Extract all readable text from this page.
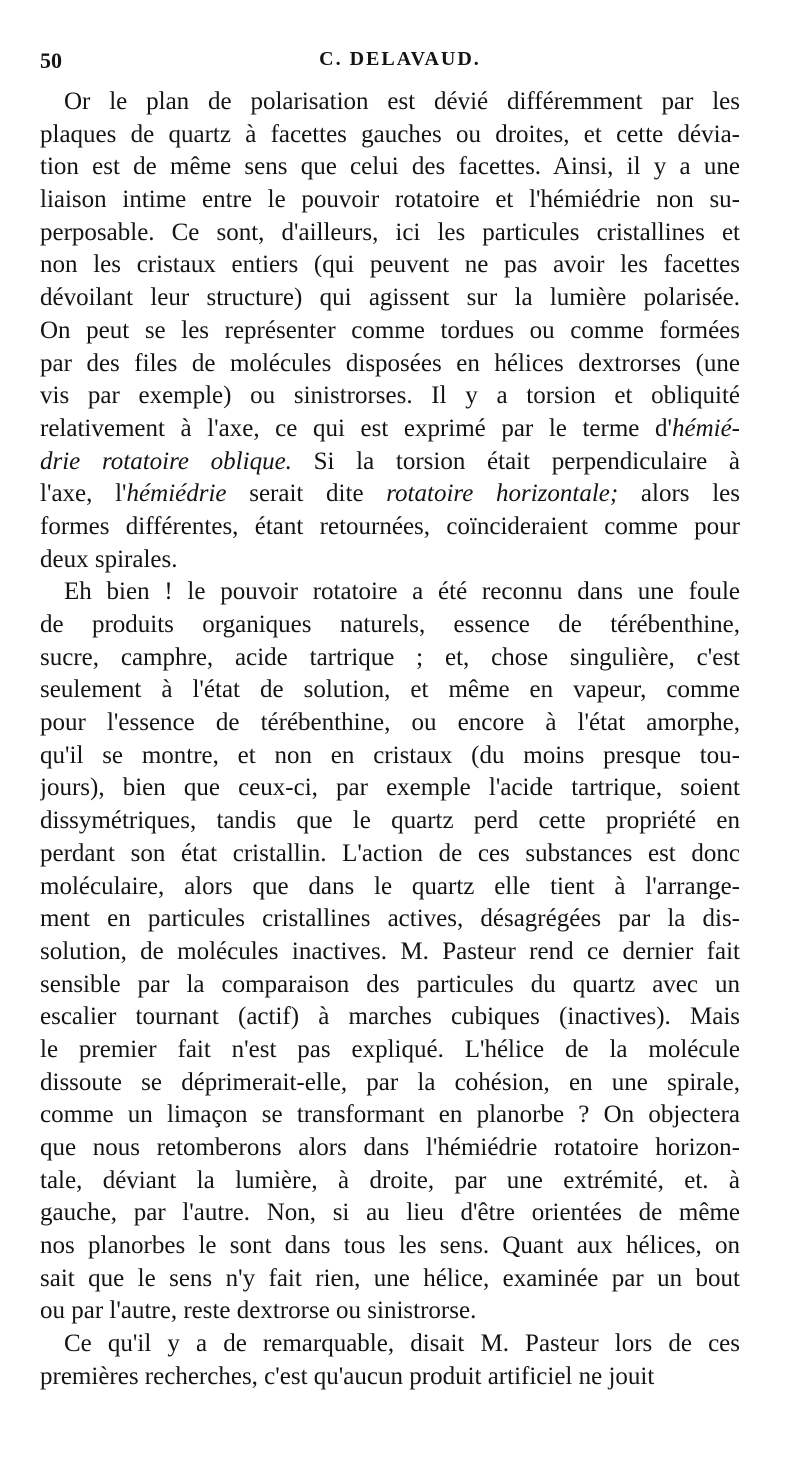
50	C. DELAVAUD.
Or le plan de polarisation est dévié différemment par les
plaques de quartz à facettes gauches ou droites, et cette dévia-
tion est de même sens que celui des facettes. Ainsi, il y a une
liaison intime entre le pouvoir rotatoire et l'hémiédrie non su-
perposable. Ce sont, d'ailleurs, ici les particules cristallines et
non les cristaux entiers (qui peuvent ne pas avoir les facettes
dévoilant leur structure) qui agissent sur la lumière polarisée.
On peut se les représenter comme tordues ou comme formées
par des files de molécules disposées en hélices dextrorses (une
vis par exemple) ou sinistrorses. Il y a torsion et obliquité
relativement à l'axe, ce qui est exprimé par le terme d'hémié-
drie rotatoire oblique. Si la torsion était perpendiculaire à
l'axe, l'hémiédrie serait dite rotatoire horizontale; alors les
formes différentes, étant retournées, coïncideraient comme pour
deux spirales.
Eh bien ! le pouvoir rotatoire a été reconnu dans une foule
de produits organiques naturels, essence de térébenthine,
sucre, camphre, acide tartrique ; et, chose singulière, c'est
seulement à l'état de solution, et même en vapeur, comme
pour l'essence de térébenthine, ou encore à l'état amorphe,
qu'il se montre, et non en cristaux (du moins presque tou-
jours), bien que ceux-ci, par exemple l'acide tartrique, soient
dissymétriques, tandis que le quartz perd cette propriété en
perdant son état cristallin. L'action de ces substances est donc
moléculaire, alors que dans le quartz elle tient à l'arrange-
ment en particules cristallines actives, désagrégées par la dis-
solution, de molécules inactives. M. Pasteur rend ce dernier fait
sensible par la comparaison des particules du quartz avec un
escalier tournant (actif) à marches cubiques (inactives). Mais
le premier fait n'est pas expliqué. L'hélice de la molécule
dissoute se déprimerait-elle, par la cohésion, en une spirale,
comme un limaçon se transformant en planorbe ? On objectera
que nous retomberons alors dans l'hémiédrie rotatoire horizon-
tale, déviant la lumière, à droite, par une extrémité, et. à
gauche, par l'autre. Non, si au lieu d'être orientées de même
nos planorbes le sont dans tous les sens. Quant aux hélices, on
sait que le sens n'y fait rien, une hélice, examinée par un bout
ou par l'autre, reste dextrorse ou sinistrorse.
Ce qu'il y a de remarquable, disait M. Pasteur lors de ces
premières recherches, c'est qu'aucun produit artificiel ne jouit
